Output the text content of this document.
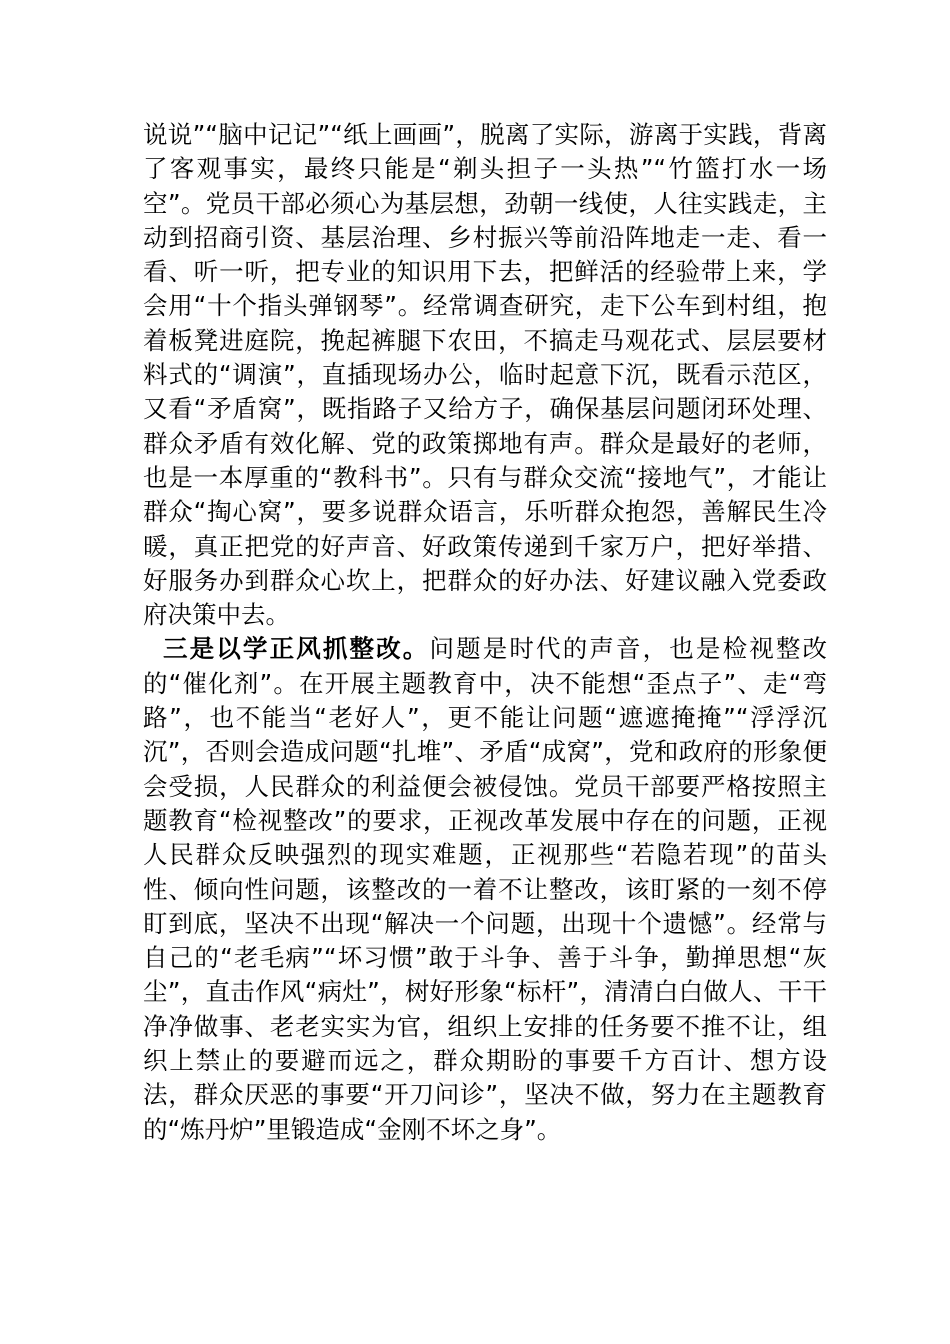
说说”“脑中记记”“纸上画画”，脱离了实际，游离于实践，背离了客观事实，最终只能是“剃头担子一头热”“竹篮打水一场空”。党员干部必须心为基层想，劲朝一线使，人往实践走，主动到招商引资、基层治理、乡村振兴等前沿阵地走一走、看一看、听一听，把专业的知识用下去，把鲜活的经验带上来，学会用“十个指头弹钢琴”。经常调查研究，走下公车到村组，抱着板凳进庭院，挽起裤腿下农田，不搞走马观花式、层层要材料式的“调演”，直插现场办公，临时起意下沉，既看示范区，又看“矛盾窝”，既指路子又给方子，确保基层问题闭环处理、群众矛盾有效化解、党的政策掷地有声。群众是最好的老师，也是一本厚重的“教科书”。只有与群众交流“接地气”，才能让群众“掏心窝”，要多说群众语言，乐听群众抱怨，善解民生冷暖，真正把党的好声音、好政策传递到千家万户，把好举措、好服务办到群众心坎上，把群众的好办法、好建议融入党委政府决策中去。

三是以学正风抓整改。问题是时代的声音，也是检视整改的“催化剂”。在开展主题教育中，决不能想“歪点子”、走“弯路”，也不能当“老好人”，更不能让问题“遮遮掩掩”“浮浮沉沉”，否则会造成问题“扎堆”、矛盾“成窝”，党和政府的形象便会受损，人民群众的利益便会被侵蚀。党员干部要严格按照主题教育“检视整改”的要求，正视改革发展中存在的问题，正视人民群众反映强烈的现实难题，正视那些“若隐若现”的苗头性、倾向性问题，该整改的一着不让整改，该盯紧的一刻不停盯到底，坚决不出现“解决一个问题，出现十个遗憾”。经常与自己的“老毛病”“坏习惯”敢于斗争、善于斗争，勤掸思想“灰尘”，直击作风“病灶”，树好形象“标杆”，清清白白做人、干干净净做事、老老实实为官，组织上安排的任务要不推不让，组织上禁止的要避而远之，群众期盼的事要千方百计、想方设法，群众厌恶的事要“开刀问诊”，坚决不做，努力在主题教育的“炼丹炉”里锻造成“金刚不坏之身”。
